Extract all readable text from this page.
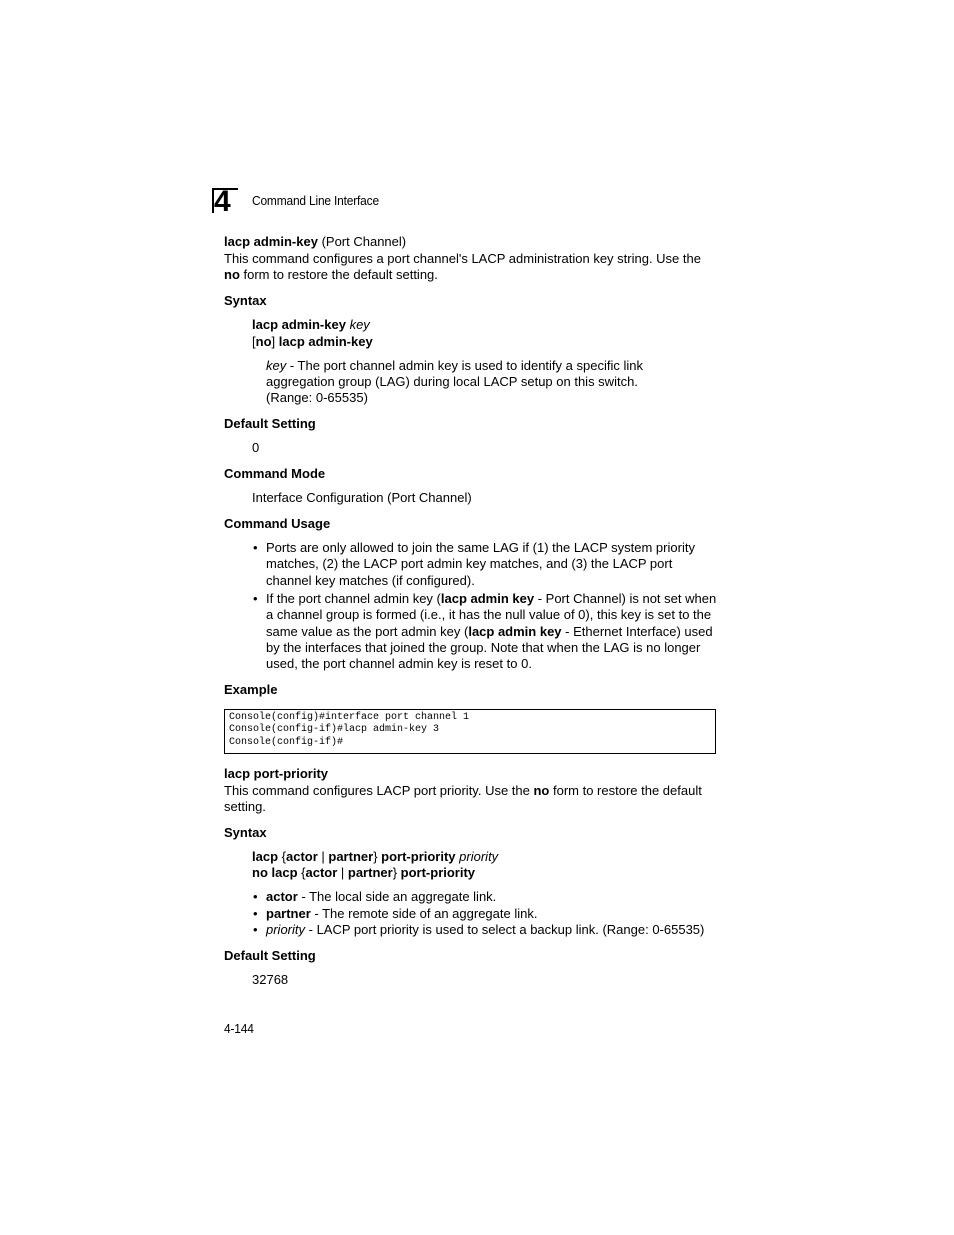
4 Command Line Interface
lacp admin-key (Port Channel)
This command configures a port channel's LACP administration key string. Use the
no form to restore the default setting.
Syntax
lacp admin-key key
[no] lacp admin-key
key - The port channel admin key is used to identify a specific link
aggregation group (LAG) during local LACP setup on this switch.
(Range: 0-65535)
Default Setting
0
Command Mode
Interface Configuration (Port Channel)
Command Usage
• Ports are only allowed to join the same LAG if (1) the LACP system priority
matches, (2) the LACP port admin key matches, and (3) the LACP port
channel key matches (if configured).
• If the port channel admin key (lacp admin key - Port Channel) is not set when
a channel group is formed (i.e., it has the null value of 0), this key is set to the
same value as the port admin key (lacp admin key - Ethernet Interface) used
by the interfaces that joined the group. Note that when the LAG is no longer
used, the port channel admin key is reset to 0.
Example
Console(config)#interface port channel 1
Console(config-if)#lacp admin-key 3
Console(config-if)#
lacp port-priority
This command configures LACP port priority. Use the no form to restore the default
setting.
Syntax
lacp {actor | partner} port-priority priority
no lacp {actor | partner} port-priority
• actor - The local side an aggregate link.
• partner - The remote side of an aggregate link.
• priority - LACP port priority is used to select a backup link. (Range: 0-65535)
Default Setting
32768
4-144
